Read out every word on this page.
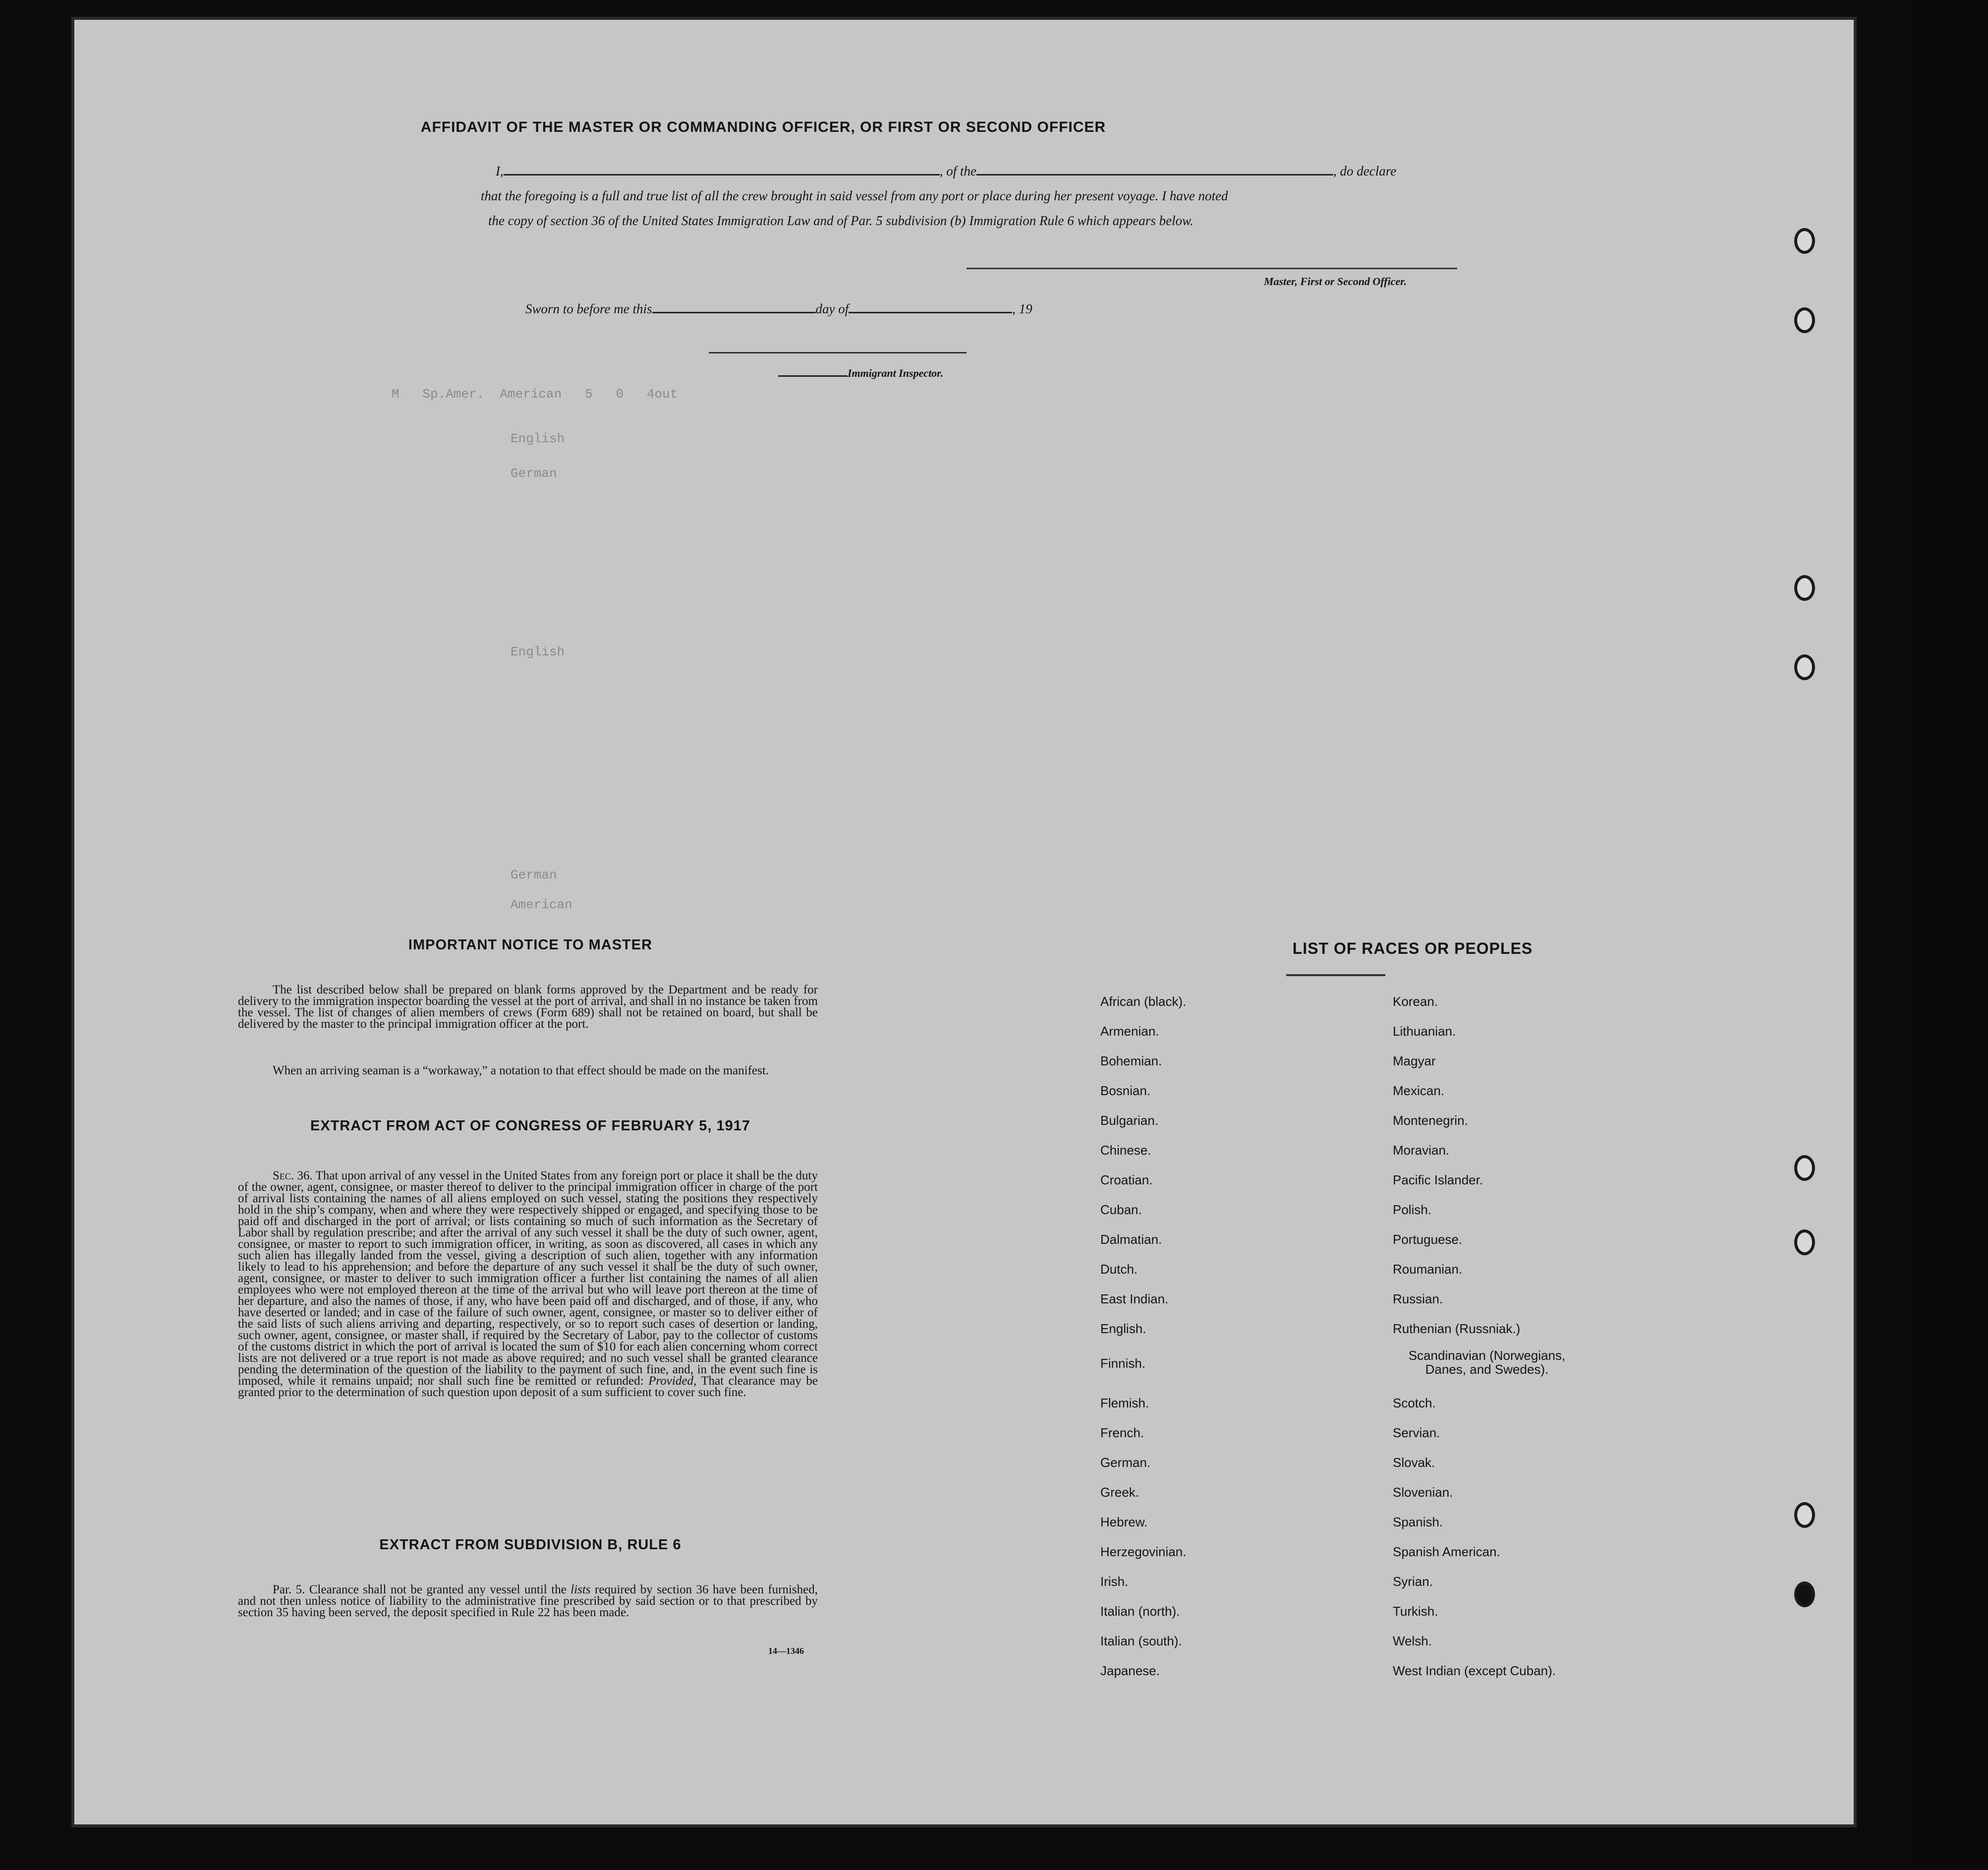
M   Sp.Amer.  American   5   0   4out
English
German
German
American
English
AFFIDAVIT OF THE MASTER OR COMMANDING OFFICER, OR FIRST OR SECOND OFFICER
I,	, of the	, do declare
that the foregoing is a full and true list of all the crew brought in said vessel from any port or place during her present voyage. I have noted
the copy of section 36 of the United States Immigration Law and of Par. 5 subdivision (b) Immigration Rule 6 which appears below.
Master, First or Second Officer.
Sworn to before me this	day of	, 19
Immigrant Inspector.
IMPORTANT NOTICE TO MASTER
The list described below shall be prepared on blank forms approved by the Department and be ready for delivery to the immigration inspector boarding the vessel at the port of arrival, and shall in no instance be taken from the vessel. The list of changes of alien members of crews (Form 689) shall not be retained on board, but shall be delivered by the master to the principal immigration officer at the port.
When an arriving seaman is a “workaway,” a notation to that effect should be made on the manifest.
EXTRACT FROM ACT OF CONGRESS OF FEBRUARY 5, 1917
Sec. 36. That upon arrival of any vessel in the United States from any foreign port or place it shall be the duty of the owner, agent, consignee, or master thereof to deliver to the principal immigration officer in charge of the port of arrival lists containing the names of all aliens employed on such vessel, stating the positions they respectively hold in the ship’s company, when and where they were respectively shipped or engaged, and specifying those to be paid off and discharged in the port of arrival; or lists containing so much of such information as the Secretary of Labor shall by regulation prescribe; and after the arrival of any such vessel it shall be the duty of such owner, agent, consignee, or master to report to such immigration officer, in writing, as soon as discovered, all cases in which any such alien has illegally landed from the vessel, giving a description of such alien, together with any information likely to lead to his apprehension; and before the departure of any such vessel it shall be the duty of such owner, agent, consignee, or master to deliver to such immigration officer a further list containing the names of all alien employees who were not employed thereon at the time of the arrival but who will leave port thereon at the time of her departure, and also the names of those, if any, who have been paid off and discharged, and of those, if any, who have deserted or landed; and in case of the failure of such owner, agent, consignee, or master so to deliver either of the said lists of such aliens arriving and departing, respectively, or so to report such cases of desertion or landing, such owner, agent, consignee, or master shall, if required by the Secretary of Labor, pay to the collector of customs of the customs district in which the port of arrival is located the sum of $10 for each alien concerning whom correct lists are not delivered or a true report is not made as above required; and no such vessel shall be granted clearance pending the determination of the question of the liability to the payment of such fine, and, in the event such fine is imposed, while it remains unpaid; nor shall such fine be remitted or refunded: Provided, That clearance may be granted prior to the determination of such question upon deposit of a sum sufficient to cover such fine.
EXTRACT FROM SUBDIVISION B, RULE 6
Par. 5. Clearance shall not be granted any vessel until the lists required by section 36 have been furnished, and not then unless notice of liability to the administrative fine prescribed by said section or to that prescribed by section 35 having been served, the deposit specified in Rule 22 has been made.
14—1346
LIST OF RACES OR PEOPLES
African (black).
Armenian.
Bohemian.
Bosnian.
Bulgarian.
Chinese.
Croatian.
Cuban.
Dalmatian.
Dutch.
East Indian.
English.
Finnish.
Flemish.
French.
German.
Greek.
Hebrew.
Herzegovinian.
Irish.
Italian (north).
Italian (south).
Japanese.
Korean.
Lithuanian.
Magyar
Mexican.
Montenegrin.
Moravian.
Pacific Islander.
Polish.
Portuguese.
Roumanian.
Russian.
Ruthenian (Russniak.)
Scandinavian (Norwegians, Danes, and Swedes).
Scotch.
Servian.
Slovak.
Slovenian.
Spanish.
Spanish American.
Syrian.
Turkish.
Welsh.
West Indian (except Cuban).
